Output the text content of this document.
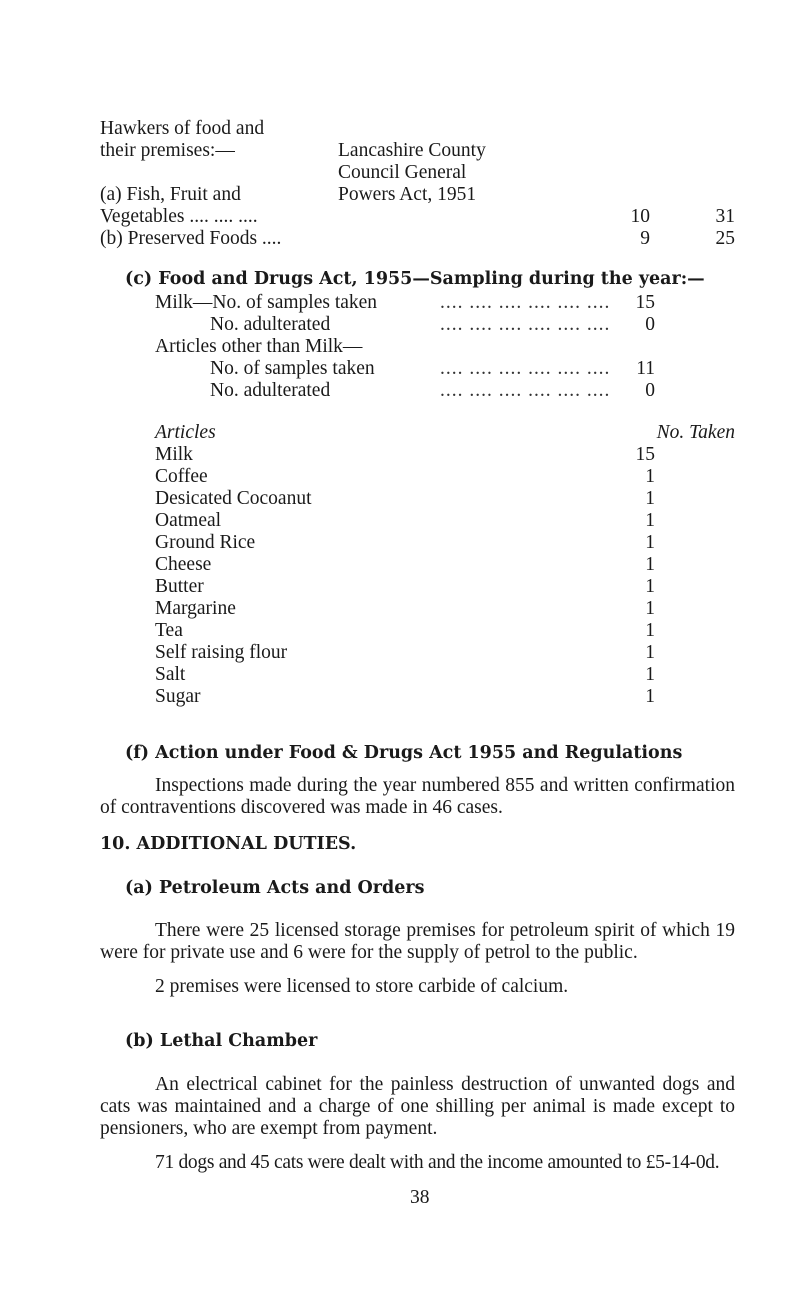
Hawkers of food and
their premises:—	Lancashire County
Council General
Powers Act, 1951
(a) Fish, Fruit and
Vegetables .... .... ....	10	31
(b) Preserved Foods ....	9	25
(c) Food and Drugs Act, 1955—Sampling during the year:—
Milk—No. of samples taken	.... .... .... .... .... ....	15
No. adulterated	.... .... .... .... .... ....	0
Articles other than Milk—
No. of samples taken	.... .... .... .... .... ....	11
No. adulterated	.... .... .... .... .... ....	0
Articles	No. Taken
Milk	15
Coffee	1
Desicated Cocoanut	1
Oatmeal	1
Ground Rice	1
Cheese	1
Butter	1
Margarine	1
Tea	1
Self raising flour	1
Salt	1
Sugar	1
(f) Action under Food & Drugs Act 1955 and Regulations
Inspections made during the year numbered 855 and written confirmation of contraventions discovered was made in 46 cases.
10. ADDITIONAL DUTIES.
(a) Petroleum Acts and Orders
There were 25 licensed storage premises for petroleum spirit of which 19 were for private use and 6 were for the supply of petrol to the public.
2 premises were licensed to store carbide of calcium.
(b) Lethal Chamber
An electrical cabinet for the painless destruction of unwanted dogs and cats was maintained and a charge of one shilling per animal is made except to pensioners, who are exempt from payment.
71 dogs and 45 cats were dealt with and the income amounted to £5-14-0d.
38
